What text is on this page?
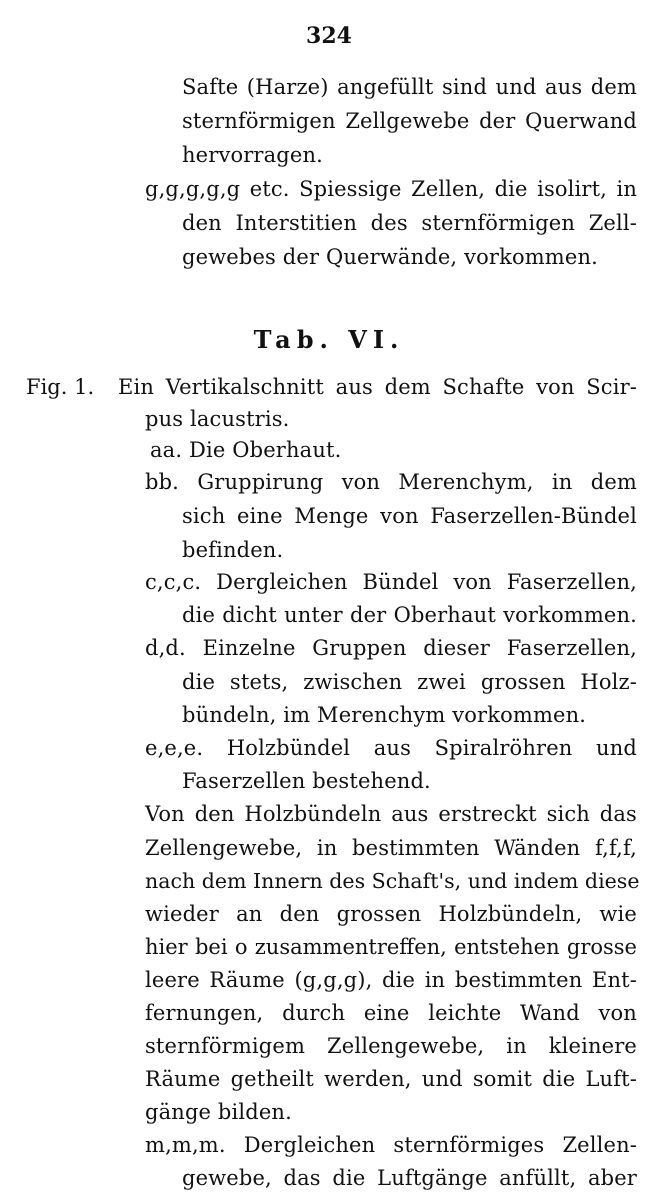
324
Safte (Harze) angefüllt sind und aus dem
sternförmigen Zellgewebe der Querwand
hervorragen.
g,g,g,g,g etc. Spiessige Zellen, die isolirt, in
den Interstitien des sternförmigen Zell-
gewebes der Querwände, vorkommen.
Tab. VI.
Fig. 1. Ein Vertikalschnitt aus dem Schafte von Scir-
pus lacustris.
aa. Die Oberhaut.
bb. Gruppirung von Merenchym, in dem
sich eine Menge von Faserzellen-Bündel
befinden.
c,c,c. Dergleichen Bündel von Faserzellen,
die dicht unter der Oberhaut vorkommen.
d,d. Einzelne Gruppen dieser Faserzellen,
die stets, zwischen zwei grossen Holz-
bündeln, im Merenchym vorkommen.
e,e,e. Holzbündel aus Spiralröhren und
Faserzellen bestehend.
Von den Holzbündeln aus erstreckt sich das
Zellengewebe, in bestimmten Wänden f,f,f,
nach dem Innern des Schaft's, und indem diese
wieder an den grossen Holzbündeln, wie
hier bei o zusammentreffen, entstehen grosse
leere Räume (g,g,g), die in bestimmten Ent-
fernungen, durch eine leichte Wand von
sternförmigem Zellengewebe, in kleinere
Räume getheilt werden, und somit die Luft-
gänge bilden.
m,m,m. Dergleichen sternförmiges Zellen-
gewebe, das die Luftgänge anfüllt, aber
